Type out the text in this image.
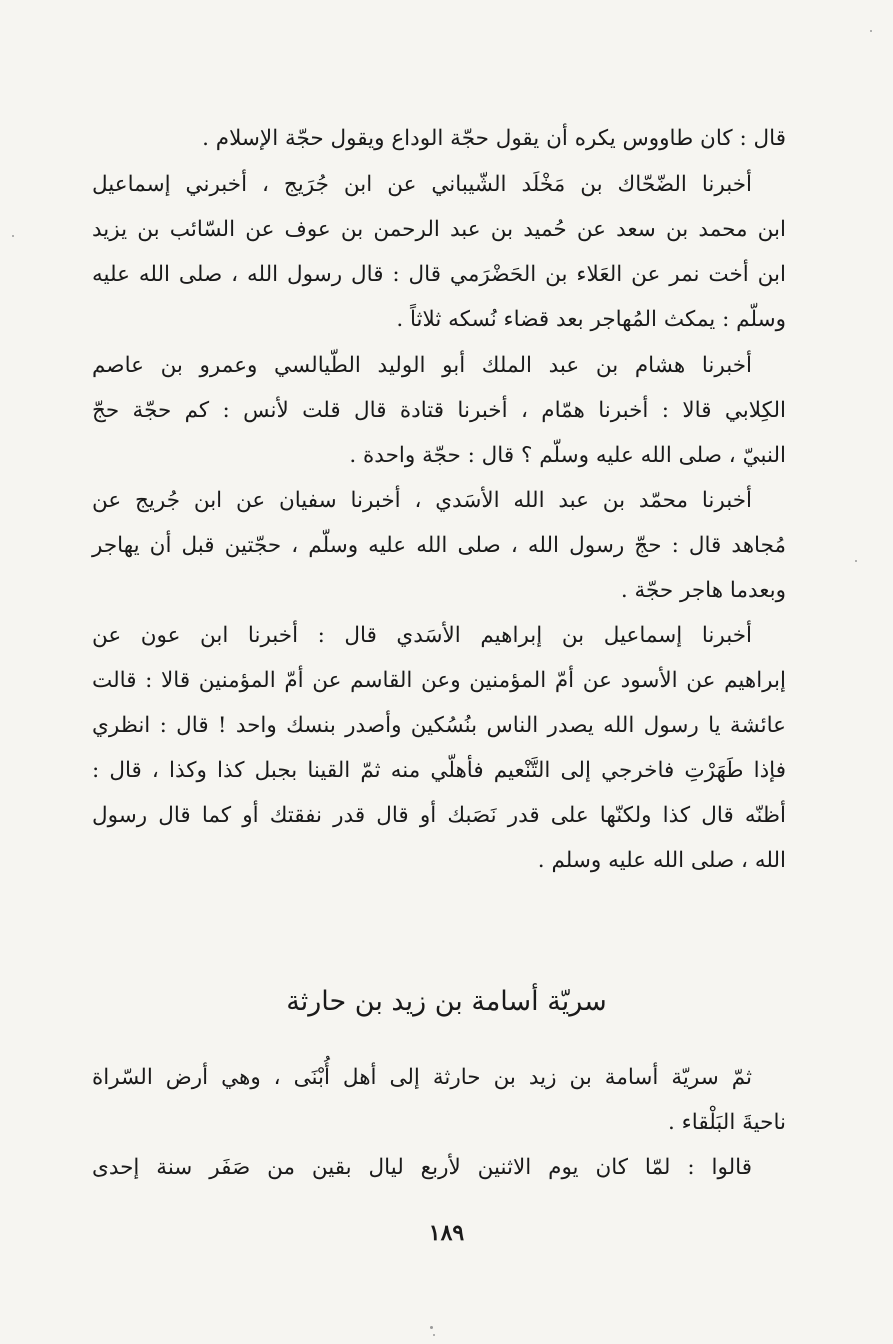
قال : كان طاووس يكره أن يقول حجّة الوداع ويقول حجّة الإسلام .
أخبرنا الضّحّاك بن مَخْلَد الشّيباني عن ابن جُرَيج ، أخبرني إسماعيل
ابن محمد بن سعد عن حُميد بن عبد الرحمن بن عوف عن السّائب بن يزيد
ابن أخت نمر عن العَلاء بن الحَضْرَمي قال : قال رسول الله ، صلى الله عليه
وسلّم : يمكث المُهاجر بعد قضاء نُسكه ثلاثاً .
أخبرنا هشام بن عبد الملك أبو الوليد الطّيالسي وعمرو بن عاصم
الكِلابي قالا : أخبرنا همّام ، أخبرنا قتادة قال قلت لأنس : كم حجّة حجّ
النبيّ ، صلى الله عليه وسلّم ؟ قال : حجّة واحدة .
أخبرنا محمّد بن عبد الله الأسَدي ، أخبرنا سفيان عن ابن جُريج عن
مُجاهد قال : حجّ رسول الله ، صلى الله عليه وسلّم ، حجّتين قبل أن يهاجر
وبعدما هاجر حجّة .
أخبرنا إسماعيل بن إبراهيم الأسَدي قال : أخبرنا ابن عون عن
إبراهيم عن الأسود عن أمّ المؤمنين وعن القاسم عن أمّ المؤمنين قالا : قالت
عائشة يا رسول الله يصدر الناس بنُسُكين وأصدر بنسك واحد ! قال : انظري
فإذا طَهَرْتِ فاخرجي إلى التَّنْعيم فأهلّي منه ثمّ القينا بجبل كذا وكذا ، قال :
أظنّه قال كذا ولكنّها على قدر نَصَبك أو قال قدر نفقتك أو كما قال رسول
الله ، صلى الله عليه وسلم .
سريّة أسامة بن زيد بن حارثة
ثمّ سريّة أسامة بن زيد بن حارثة إلى أهل أُبْنَى ، وهي أرض السّراة
ناحيةَ البَلْقاء .
قالوا : لمّا كان يوم الاثنين لأربع ليال بقين من صَفَر سنة إحدى
١٨٩
